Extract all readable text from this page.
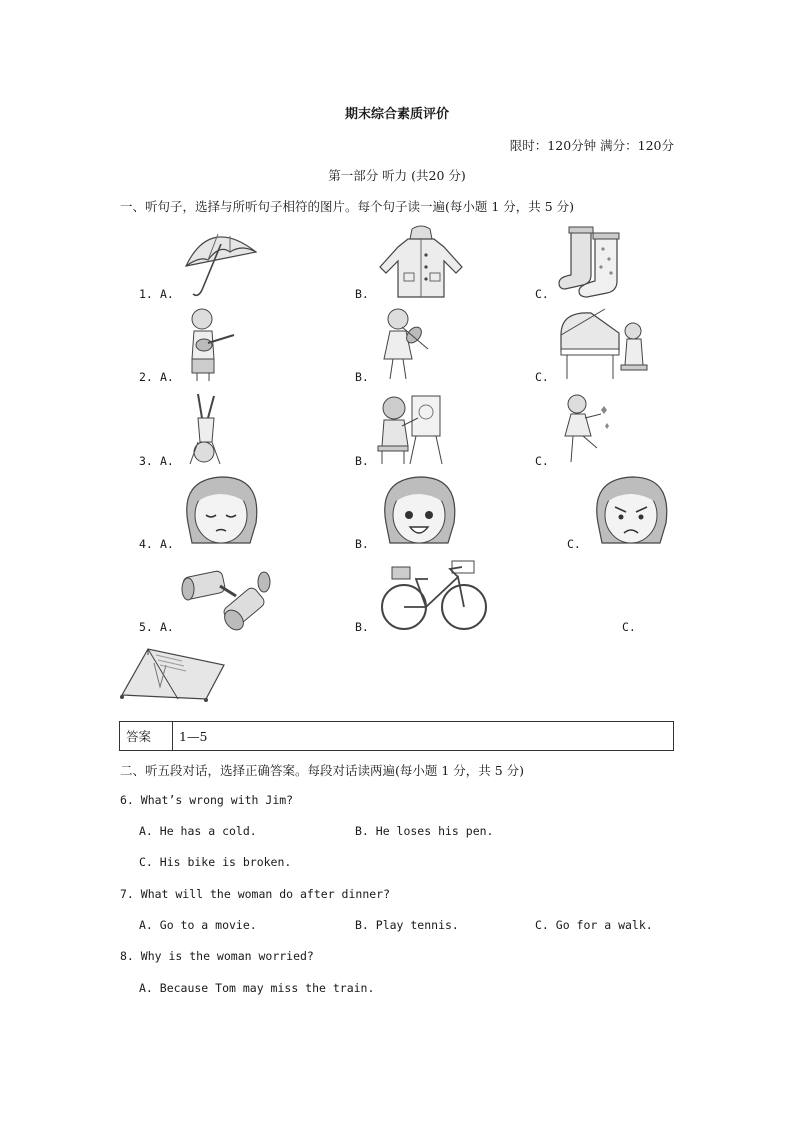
期末综合素质评价
限时：120分钟 满分：120分
第一部分 听力 (共20 分)
一、听句子，选择与所听句子相符的图片。每个句子读一遍(每小题 1 分，共 5 分)
1. A.	B.	C.
2. A.	B.	C.
3. A.	B.	C.
4. A.	B.	C.
5. A.	B.	C.
答案	1—5
二、听五段对话，选择正确答案。每段对话读两遍(每小题 1 分，共 5 分)
6. What’s wrong with Jim?
A. He has a cold.	B. He loses his pen.
C. His bike is broken.
7. What will the woman do after dinner?
A. Go to a movie.	B. Play tennis.	C. Go for a walk.
8. Why is the woman worried?
A. Because Tom may miss the train.
